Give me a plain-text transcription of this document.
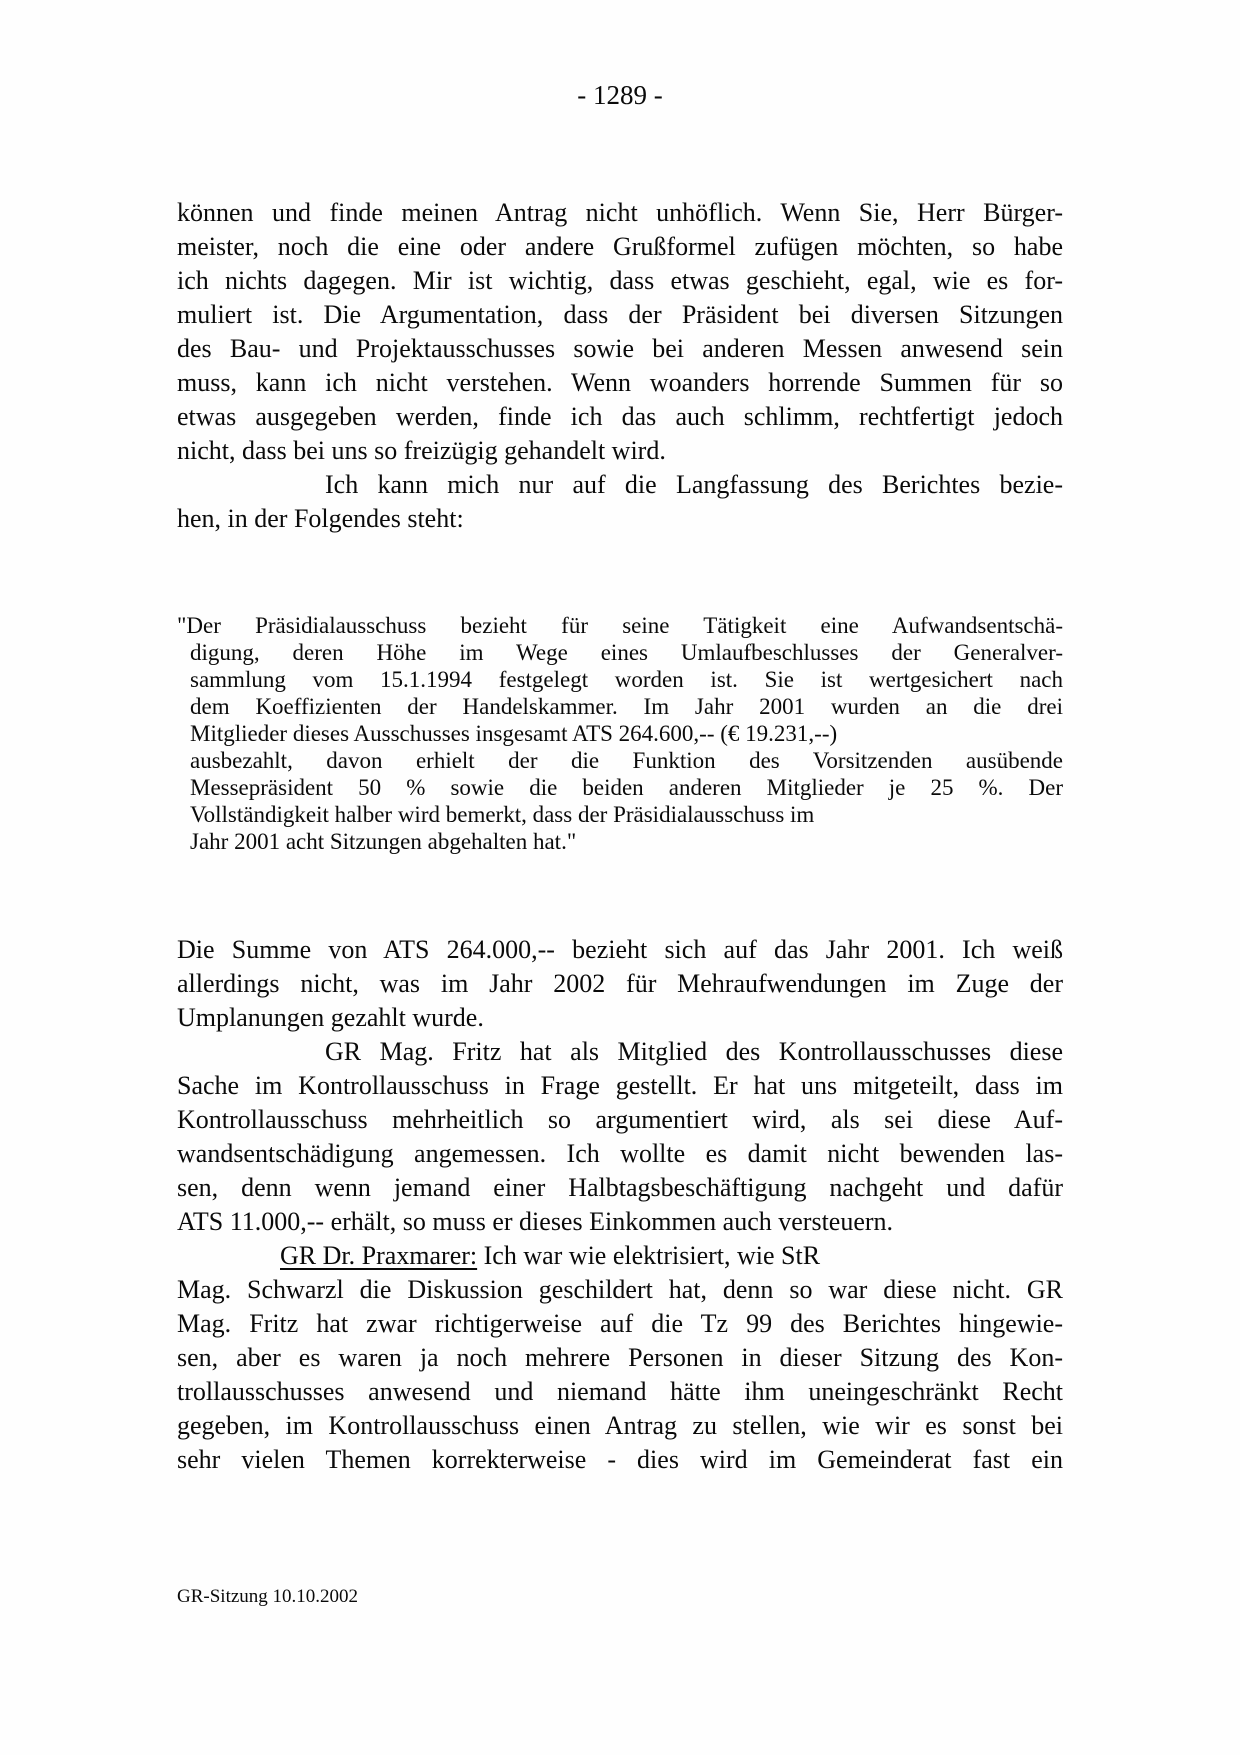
- 1289 -
können und finde meinen Antrag nicht unhöflich. Wenn Sie, Herr Bürger-
meister, noch die eine oder andere Grußformel zufügen möchten, so habe
ich nichts dagegen. Mir ist wichtig, dass etwas geschieht, egal, wie es for-
muliert ist. Die Argumentation, dass der Präsident bei diversen Sitzungen
des Bau- und Projektausschusses sowie bei anderen Messen anwesend sein
muss, kann ich nicht verstehen. Wenn woanders horrende Summen für so
etwas ausgegeben werden, finde ich das auch schlimm, rechtfertigt jedoch
nicht, dass bei uns so freizügig gehandelt wird.
Ich kann mich nur auf die Langfassung des Berichtes bezie-
hen, in der Folgendes steht:
"Der Präsidialausschuss bezieht für seine Tätigkeit eine Aufwandsentschä-
digung, deren Höhe im Wege eines Umlaufbeschlusses der Generalver-
sammlung vom 15.1.1994 festgelegt worden ist. Sie ist wertgesichert nach
dem Koeffizienten der Handelskammer. Im Jahr 2001 wurden an die drei
Mitglieder dieses Ausschusses insgesamt ATS 264.600,-- (€ 19.231,--)
ausbezahlt, davon erhielt der die Funktion des Vorsitzenden ausübende
Messepräsident 50 % sowie die beiden anderen Mitglieder je 25 %. Der
Vollständigkeit halber wird bemerkt, dass der Präsidialausschuss im
Jahr 2001 acht Sitzungen abgehalten hat."
Die Summe von ATS 264.000,-- bezieht sich auf das Jahr 2001. Ich weiß
allerdings nicht, was im Jahr 2002 für Mehraufwendungen im Zuge der
Umplanungen gezahlt wurde.
GR Mag. Fritz hat als Mitglied des Kontrollausschusses diese
Sache im Kontrollausschuss in Frage gestellt. Er hat uns mitgeteilt, dass im
Kontrollausschuss mehrheitlich so argumentiert wird, als sei diese Auf-
wandsentschädigung angemessen. Ich wollte es damit nicht bewenden las-
sen, denn wenn jemand einer Halbtagsbeschäftigung nachgeht und dafür
ATS 11.000,-- erhält, so muss er dieses Einkommen auch versteuern.
GR Dr. Praxmarer: Ich war wie elektrisiert, wie StR
Mag. Schwarzl die Diskussion geschildert hat, denn so war diese nicht. GR
Mag. Fritz hat zwar richtigerweise auf die Tz 99 des Berichtes hingewie-
sen, aber es waren ja noch mehrere Personen in dieser Sitzung des Kon-
trollausschusses anwesend und niemand hätte ihm uneingeschränkt Recht
gegeben, im Kontrollausschuss einen Antrag zu stellen, wie wir es sonst bei
sehr vielen Themen korrekterweise - dies wird im Gemeinderat fast ein
GR-Sitzung 10.10.2002
